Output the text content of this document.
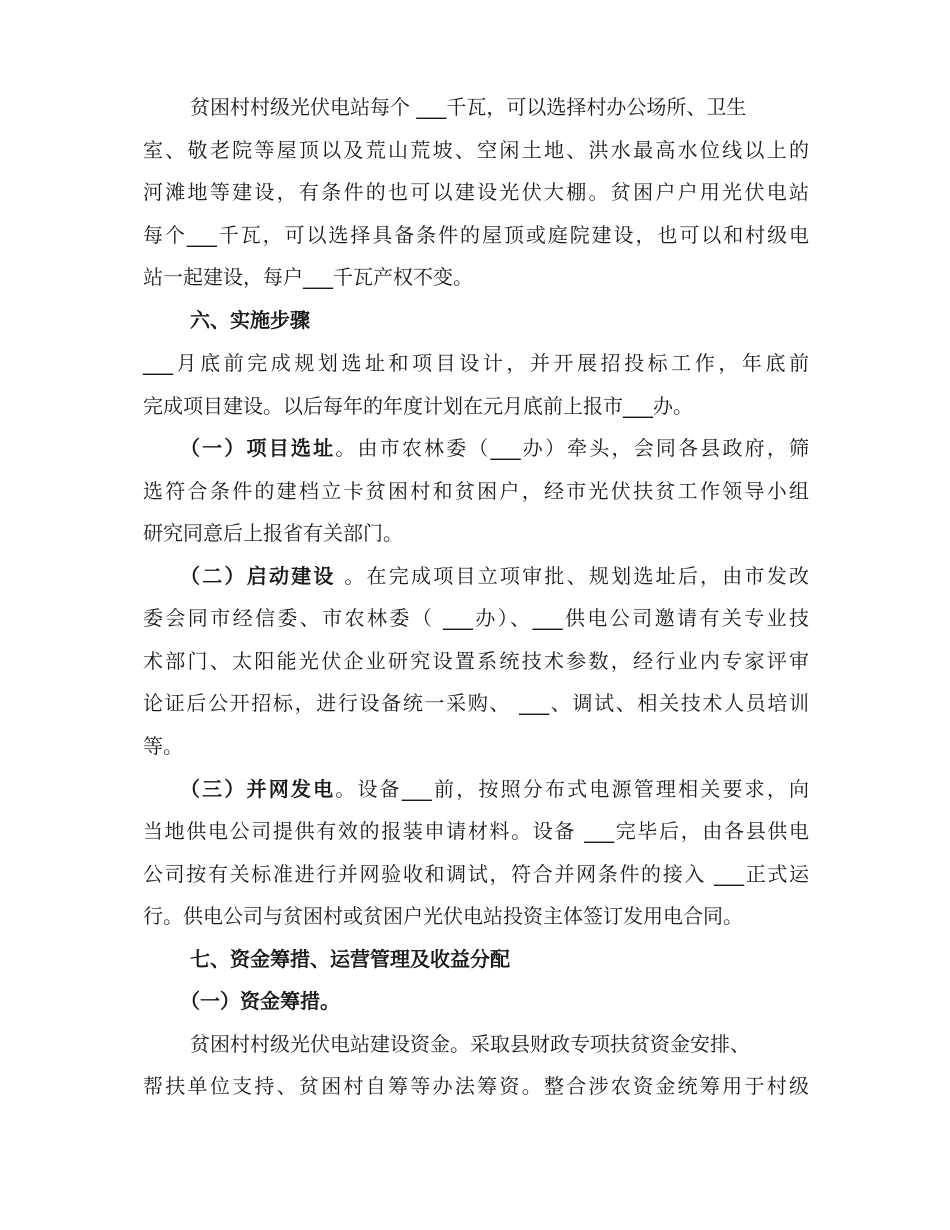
贫困村村级光伏电站每个 ___千瓦，可以选择村办公场所、卫生
室、敬老院等屋顶以及荒山荒坡、空闲土地、洪水最高水位线以上的
河滩地等建设，有条件的也可以建设光伏大棚。贫困户户用光伏电站
每个___千瓦，可以选择具备条件的屋顶或庭院建设，也可以和村级电
站一起建设，每户___千瓦产权不变。
六、实施步骤
___月底前完成规划选址和项目设计，并开展招投标工作，年底前
完成项目建设。以后每年的年度计划在元月底前上报市___办。
（一）项目选址。由市农林委（___办）牵头，会同各县政府，筛
选符合条件的建档立卡贫困村和贫困户，经市光伏扶贫工作领导小组
研究同意后上报省有关部门。
（二）启动建设 。在完成项目立项审批、规划选址后，由市发改
委会同市经信委、市农林委（ ___办）、___供电公司邀请有关专业技
术部门、太阳能光伏企业研究设置系统技术参数，经行业内专家评审
论证后公开招标，进行设备统一采购、 ___、调试、相关技术人员培训
等。
（三）并网发电。设备___前，按照分布式电源管理相关要求，向
当地供电公司提供有效的报装申请材料。设备 ___完毕后，由各县供电
公司按有关标准进行并网验收和调试，符合并网条件的接入 ___正式运
行。供电公司与贫困村或贫困户光伏电站投资主体签订发用电合同。
七、资金筹措、运营管理及收益分配
（一）资金筹措。
贫困村村级光伏电站建设资金。采取县财政专项扶贫资金安排、
帮扶单位支持、贫困村自筹等办法筹资。整合涉农资金统筹用于村级
